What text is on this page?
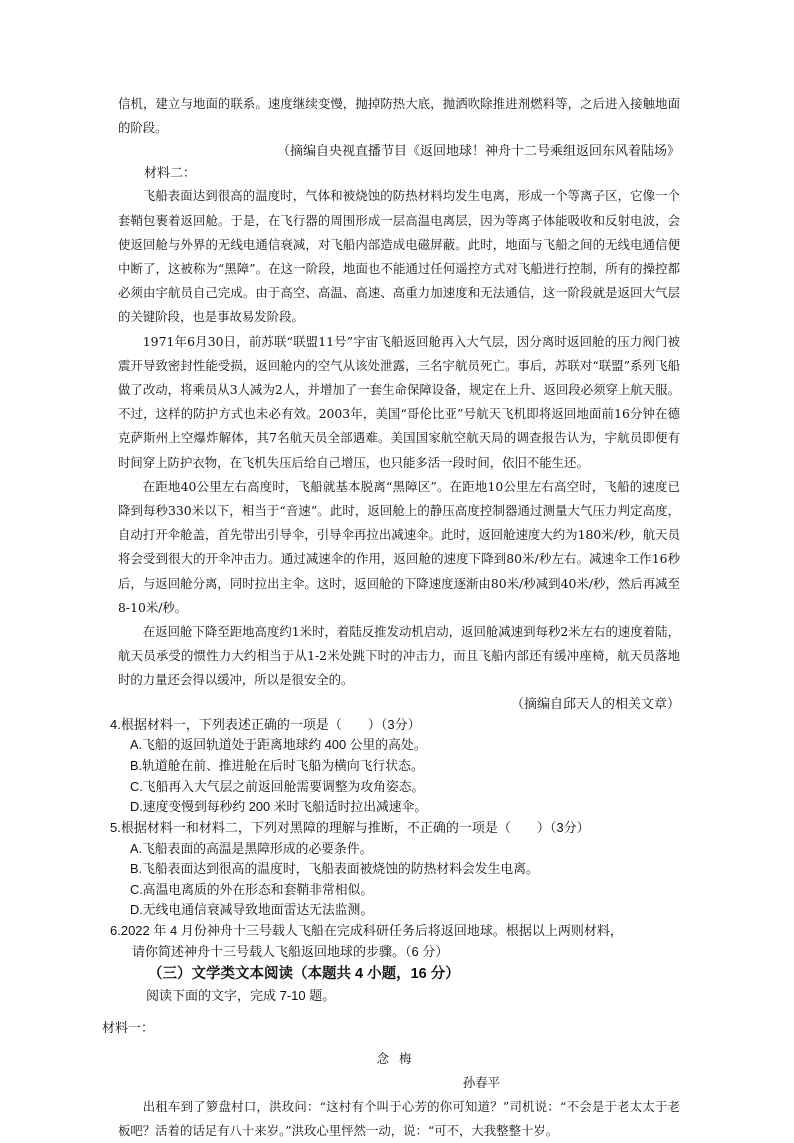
信机，建立与地面的联系。速度继续变慢，抛掉防热大底，抛洒吹除推进剂燃料等，之后进入接触地面的阶段。

（摘编自央视直播节目《返回地球！神舟十二号乘组返回东风着陆场》

材料二：

飞船表面达到很高的温度时，气体和被烧蚀的防热材料均发生电离，形成一个等离子区，它像一个套鞘包裹着返回舱。于是，在飞行器的周围形成一层高温电离层，因为等离子体能吸收和反射电波，会使返回舱与外界的无线电通信衰减，对飞船内部造成电磁屏蔽。此时，地面与飞船之间的无线电通信便中断了，这被称为“黑障”。在这一阶段，地面也不能通过任何遥控方式对飞船进行控制，所有的操控都必须由宇航员自己完成。由于高空、高温、高速、高重力加速度和无法通信，这一阶段就是返回大气层的关键阶段，也是事故易发阶段。

1971年6月30日，前苏联“联盟11号”宇宙飞船返回舱再入大气层，因分离时返回舱的压力阀门被震开导致密封性能受损，返回舱内的空气从该处泄露，三名宇航员死亡。事后，苏联对“联盟”系列飞船做了改动，将乘员从3人减为2人，并增加了一套生命保障设备，规定在上升、返回段必须穿上航天服。不过，这样的防护方式也未必有效。2003年，美国“哥伦比亚”号航天飞机即将返回地面前16分钟在德克萨斯州上空爆炸解体，其7名航天员全部遇难。美国国家航空航天局的调查报告认为，宇航员即便有时间穿上防护衣物，在飞机失压后给自己增压，也只能多活一段时间，依旧不能生还。

在距地40公里左右高度时，飞船就基本脱离“黑障区”。在距地10公里左右高空时，飞船的速度已降到每秒330米以下，相当于“音速”。此时，返回舱上的静压高度控制器通过测量大气压力判定高度，自动打开伞舱盖，首先带出引导伞，引导伞再拉出减速伞。此时，返回舱速度大约为180米/秒，航天员将会受到很大的开伞冲击力。通过减速伞的作用，返回舱的速度下降到80米/秒左右。减速伞工作16秒后，与返回舱分离，同时拉出主伞。这时，返回舱的下降速度逐渐由80米/秒减到40米/秒，然后再减至8-10米/秒。

在返回舱下降至距地高度约1米时，着陆反推发动机启动，返回舱减速到每秒2米左右的速度着陆，航天员承受的惯性力大约相当于从1-2米处跳下时的冲击力，而且飞船内部还有缓冲座椅，航天员落地时的力量还会得以缓冲，所以是很安全的。

（摘编自邱天人的相关文章）

4.根据材料一，下列表述正确的一项是（　　）（3分）

A.飞船的返回轨道处于距离地球约 400 公里的高处。

B.轨道舱在前、推进舱在后时飞船为横向飞行状态。

C.飞船再入大气层之前返回舱需要调整为攻角姿态。

D.速度变慢到每秒约 200 米时飞船适时拉出减速伞。

5.根据材料一和材料二，下列对黑障的理解与推断，不正确的一项是（　　）（3分）

A.飞船表面的高温是黑障形成的必要条件。

B.飞船表面达到很高的温度时，飞船表面被烧蚀的防热材料会发生电离。

C.高温电离质的外在形态和套鞘非常相似。

D.无线电通信衰减导致地面雷达无法监测。

6.2022 年 4 月份神舟十三号载人飞船在完成科研任务后将返回地球。根据以上两则材料，

请你简述神舟十三号载人飞船返回地球的步骤。（6 分）

（三）文学类文本阅读（本题共 4 小题，16 分）

阅读下面的文字，完成 7-10 题。

材料一：

念梅

孙春平

出租车到了箩盘村口，洪玫问：“这村有个叫于心芳的你可知道？”司机说：“不会是于老太太于老板吧？活着的话足有八十来岁。”洪玫心里怦然一动，说：“可不，大我整整十岁。
